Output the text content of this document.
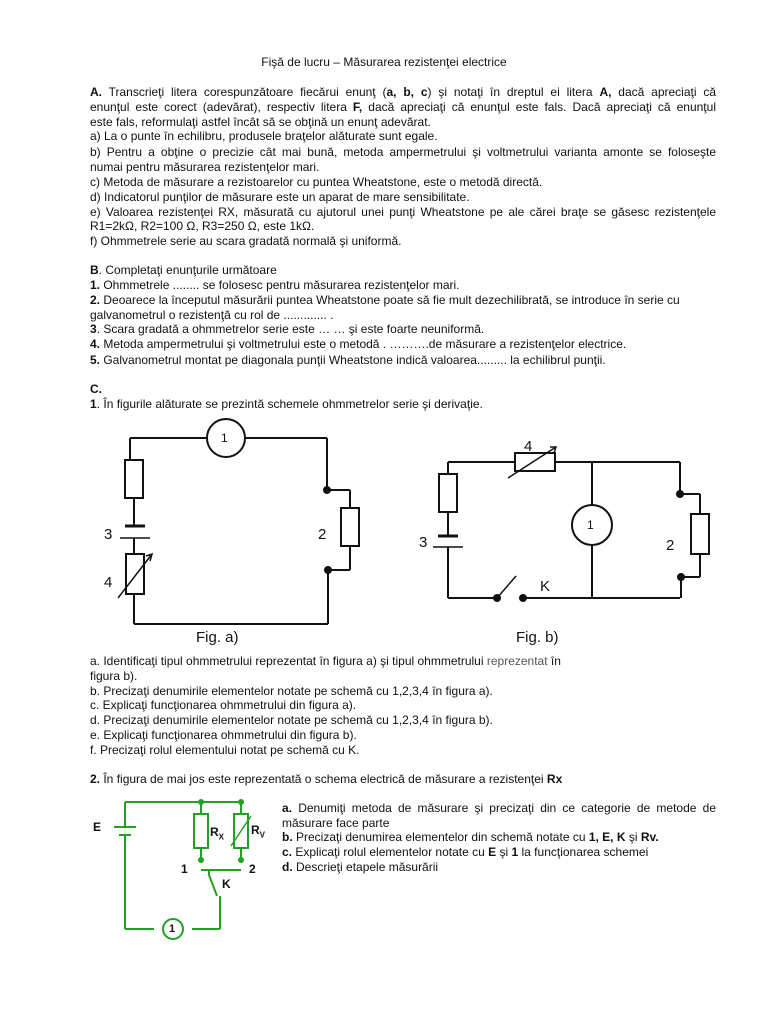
Fişă de lucru – Măsurarea rezistenţei electrice
A. Transcrieţi litera corespunzătoare fiecărui enunţ (a, b, c) şi notaţi în dreptul ei litera A, dacă apreciaţi că
enunţul este corect (adevărat), respectiv litera F, dacă apreciaţi că enunţul este fals. Dacă apreciaţi că enunţul
este fals, reformulaţi astfel încât să se obţină un enunţ adevărat.
a) La o punte în echilibru, produsele braţelor alăturate sunt egale.
b) Pentru a obţine o precizie cât mai bună, metoda ampermetrului şi voltmetrului varianta amonte se foloseşte
numai pentru măsurarea rezistenţelor mari.
c) Metoda de măsurare a rezistoarelor cu puntea Wheatstone, este o metodă directă.
d) Indicatorul punţilor de măsurare este un aparat de mare sensibilitate.
e) Valoarea rezistenţei RX, măsurată cu ajutorul unei punţi Wheatstone pe ale cărei braţe se găsesc rezistenţele
R1=2kΩ, R2=100 Ω, R3=250 Ω, este 1kΩ.
f) Ohmmetrele serie au scara gradată normală şi uniformă.
B. Completaţi enunţurile următoare
1. Ohmmetrele ........ se folosesc pentru măsurarea rezistenţelor mari.
2. Deoarece la începutul măsurării puntea Wheatstone poate să fie mult dezechilibrată, se introduce în serie cu
galvanometrul o rezistenţă cu rol de ............. .
3. Scara gradată a ohmmetrelor serie este … … şi este foarte neuniformă.
4. Metoda ampermetrului şi voltmetrului este o metodă . ……….de măsurare a rezistenţelor electrice.
5. Galvanometrul montat pe diagonala punţii Wheatstone indică valoarea......... la echilibrul punţii.
C.
1. În figurile alăturate se prezintă schemele ohmmetrelor serie şi derivaţie.
1
3
4
2
Fig. a)
4
3
1
2
K
Fig. b)
a. Identificaţi tipul ohmmetrului reprezentat în figura a) şi tipul ohmmetrului reprezentat în
figura b).
b. Precizaţi denumirile elementelor notate pe schemă cu 1,2,3,4 în figura a).
c. Explicaţi funcţionarea ohmmetrului din figura a).
d. Precizaţi denumirile elementelor notate pe schemă cu 1,2,3,4 în figura b).
e. Explicaţi funcţionarea ohmmetrului din figura b).
f. Precizaţi rolul elementului notat pe schemă cu K.
2. În figura de mai jos este reprezentată o schema electrică de măsurare a rezistenţei Rx
E	$R_X$ $R_V$
1	2
K
1
a. Denumiţi metoda de măsurare şi precizaţi din ce categorie de metode de
măsurare face parte
b. Precizaţi denumirea elementelor din schemă notate cu 1, E, K şi Rv.
c. Explicaţi rolul elementelor notate cu E şi 1 la funcţionarea schemei
d. Descrieţi etapele măsurării
